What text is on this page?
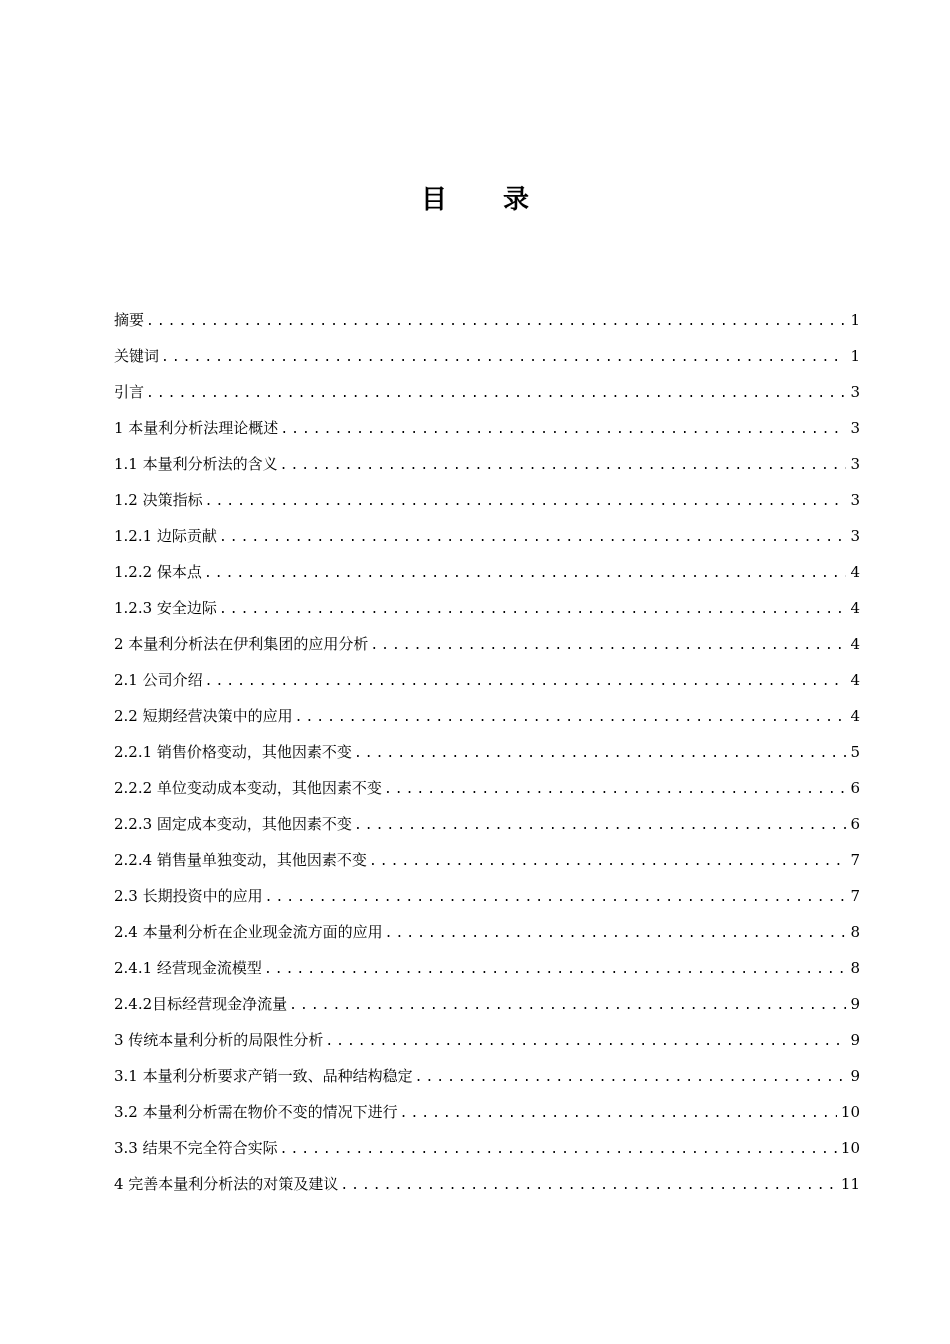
目 录
摘要 .....	1
关键词 .....	1
引言 .....	3
1 本量利分析法理论概述 .....	3
1.1 本量利分析法的含义 .....	3
1.2 决策指标 .....	3
1.2.1 边际贡献 .....	3
1.2.2 保本点 .....	4
1.2.3 安全边际 .....	4
2 本量利分析法在伊利集团的应用分析 .....	4
2.1 公司介绍 .....	4
2.2 短期经营决策中的应用 .....	4
2.2.1 销售价格变动，其他因素不变 .....	5
2.2.2 单位变动成本变动，其他因素不变 .....	6
2.2.3 固定成本变动，其他因素不变 .....	6
2.2.4 销售量单独变动，其他因素不变 .....	7
2.3 长期投资中的应用 .....	7
2.4 本量利分析在企业现金流方面的应用 .....	8
2.4.1 经营现金流模型 .....	8
2.4.2目标经营现金净流量 .....	9
3 传统本量利分析的局限性分析 .....	9
3.1 本量利分析要求产销一致、品种结构稳定 .....	9
3.2 本量利分析需在物价不变的情况下进行 .....	10
3.3 结果不完全符合实际 .....	10
4 完善本量利分析法的对策及建议 .....	11
